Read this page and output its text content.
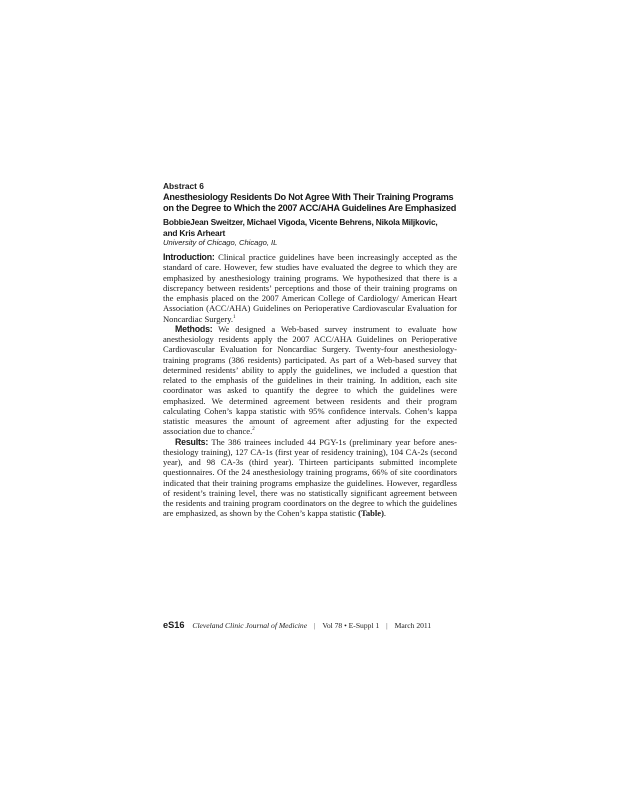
Abstract 6
Anesthesiology Residents Do Not Agree With Their Training Programs
on the Degree to Which the 2007 ACC/AHA Guidelines Are Emphasized
BobbieJean Sweitzer, Michael Vigoda, Vicente Behrens, Nikola Miljkovic,
and Kris Arheart
University of Chicago, Chicago, IL

Introduction: Clinical practice guidelines have been increasingly accepted as the standard of care. However, few studies have evaluated the degree to which they are emphasized by anesthesiology training programs. We hypothesized that there is a discrepancy between residents’ perceptions and those of their training programs on the emphasis placed on the 2007 American College of Cardiology/ American Heart Association (ACC/AHA) Guidelines on Perioperative Cardiovascular Evaluation for Noncardiac Surgery.$^1$

Methods: We designed a Web-based survey instrument to evaluate how anesthesiology residents apply the 2007 ACC/AHA Guidelines on Perioperative Cardiovascular Evaluation for Noncardiac Surgery. Twenty-four anesthesiology-training programs (386 residents) participated. As part of a Web-based survey that determined residents’ ability to apply the guidelines, we included a question that related to the emphasis of the guidelines in their training. In addition, each site coordinator was asked to quantify the degree to which the guidelines were emphasized. We determined agreement between residents and their program calculating Cohen’s kappa statistic with 95% confidence intervals. Cohen’s kappa statistic measures the amount of agreement after adjusting for the expected association due to chance.$^2$

Results: The 386 trainees included 44 PGY-1s (preliminary year before anesthesiology training), 127 CA-1s (first year of residency training), 104 CA-2s (second year), and 98 CA-3s (third year). Thirteen participants submitted incomplete questionnaires. Of the 24 anesthesiology training programs, 66% of site coordinators indicated that their training programs emphasize the guidelines. However, regardless of resident’s training level, there was no statistically significant agreement between the residents and training program coordinators on the degree to which the guidelines are emphasized, as shown by the Cohen’s kappa statistic (Table).

eS16 Cleveland Clinic Journal of Medicine | Vol 78 • E-Suppl 1 | March 2011
